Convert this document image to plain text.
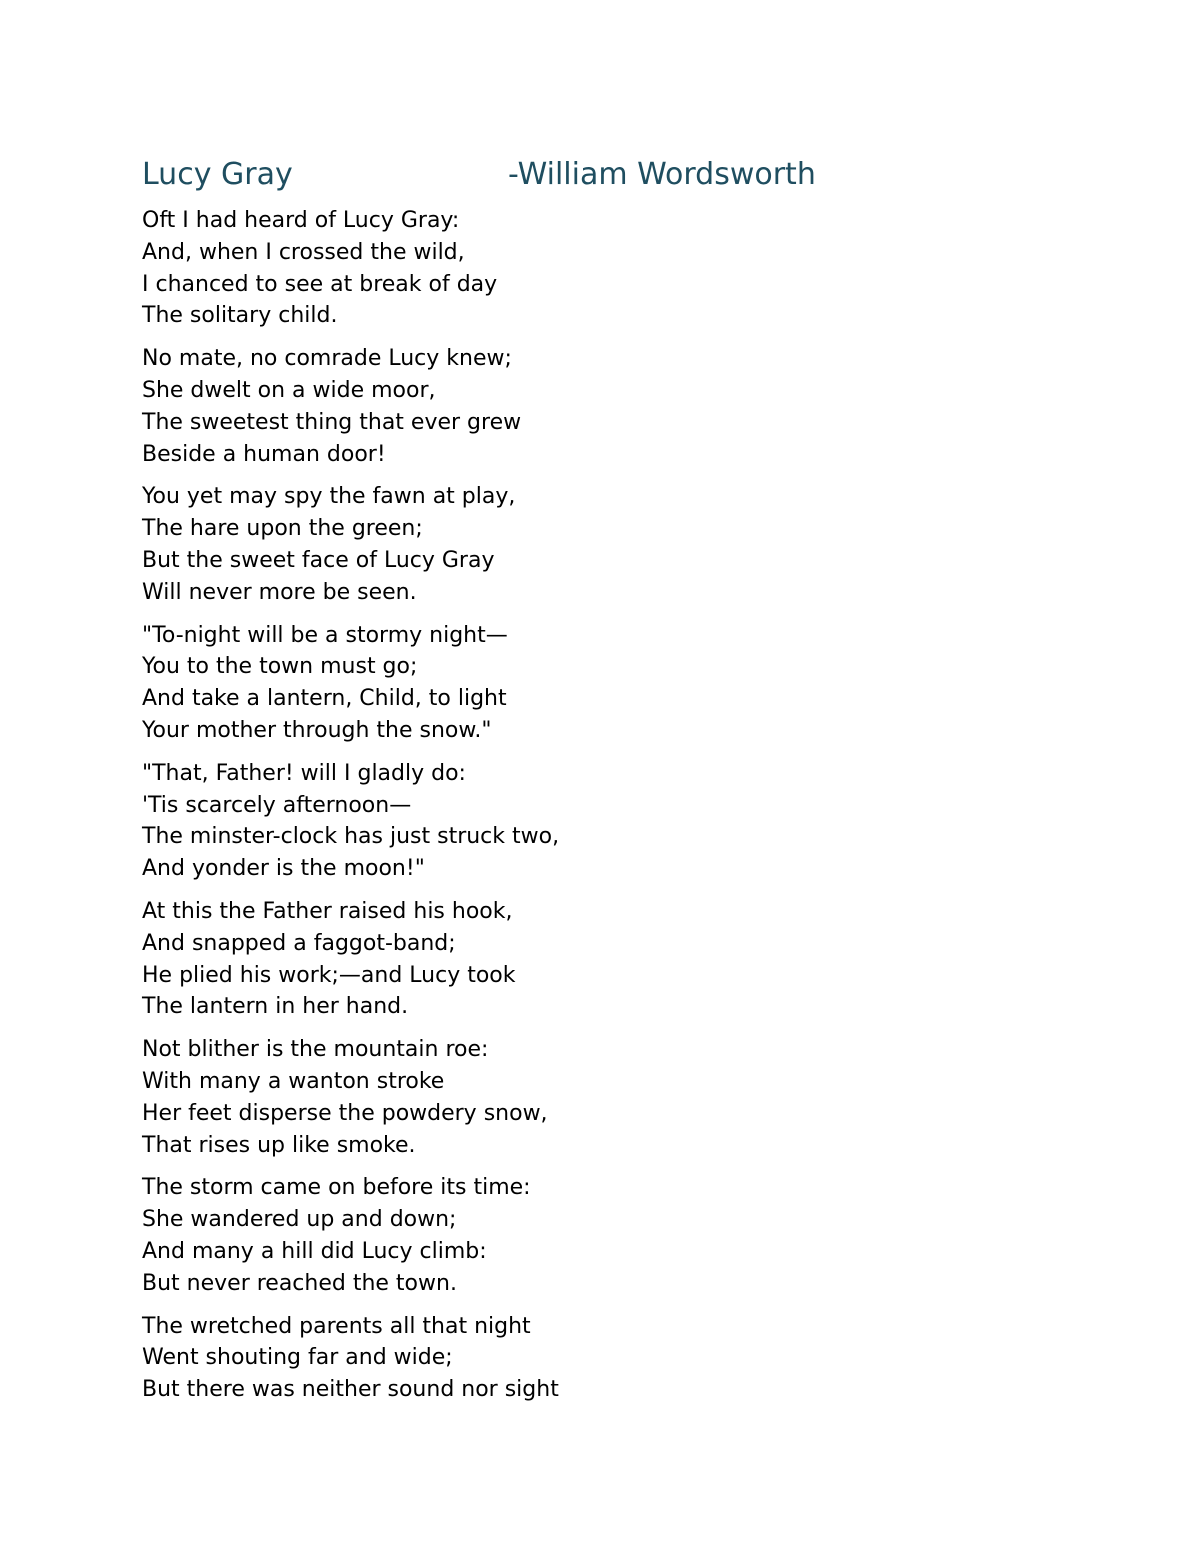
Lucy Gray	-William Wordsworth
Oft I had heard of Lucy Gray:
And, when I crossed the wild,
I chanced to see at break of day
The solitary child.
No mate, no comrade Lucy knew;
She dwelt on a wide moor,
The sweetest thing that ever grew
Beside a human door!
You yet may spy the fawn at play,
The hare upon the green;
But the sweet face of Lucy Gray
Will never more be seen.
"To-night will be a stormy night—
You to the town must go;
And take a lantern, Child, to light
Your mother through the snow."
"That, Father! will I gladly do:
'Tis scarcely afternoon—
The minster-clock has just struck two,
And yonder is the moon!"
At this the Father raised his hook,
And snapped a faggot-band;
He plied his work;—and Lucy took
The lantern in her hand.
Not blither is the mountain roe:
With many a wanton stroke
Her feet disperse the powdery snow,
That rises up like smoke.
The storm came on before its time:
She wandered up and down;
And many a hill did Lucy climb:
But never reached the town.
The wretched parents all that night
Went shouting far and wide;
But there was neither sound nor sight
